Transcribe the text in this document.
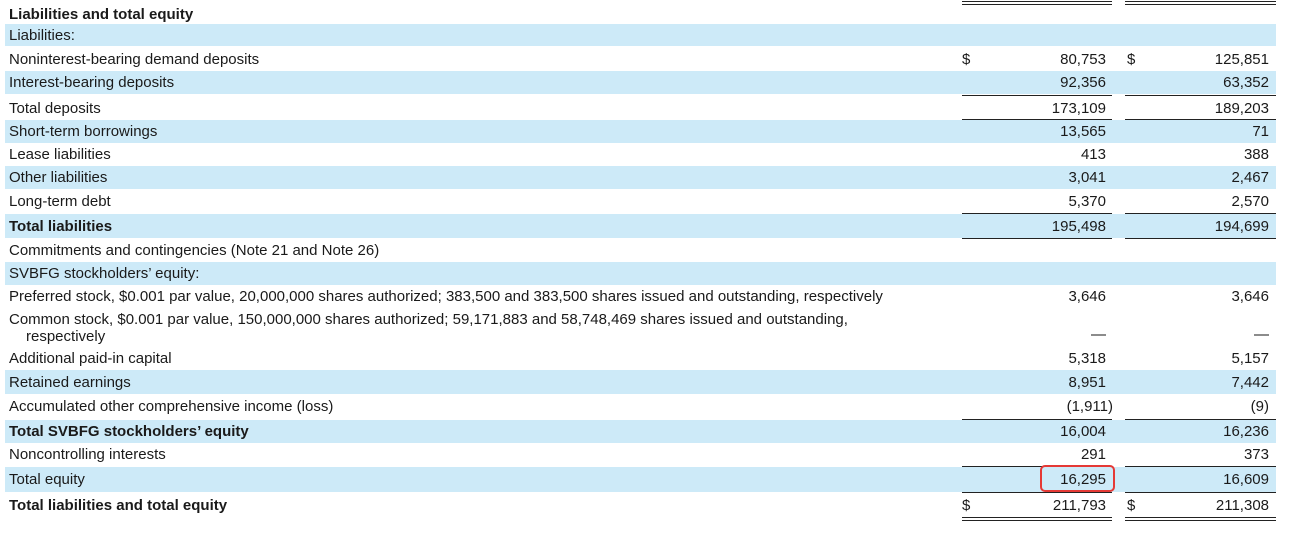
Liabilities and total equity
Liabilities:
Noninterest-bearing demand deposits	$	80,753 $	125,851
Interest-bearing deposits	92,356	63,352
Total deposits	173,109	189,203
Short-term borrowings	13,565	71
Lease liabilities	413	388
Other liabilities	3,041	2,467
Long-term debt	5,370	2,570
Total liabilities	195,498	194,699
Commitments and contingencies (Note 21 and Note 26)
SVBFG stockholders’ equity:
Preferred stock, $0.001 par value, 20,000,000 shares authorized; 383,500 and 383,500 shares issued and outstanding, respectively	3,646	3,646
Common stock, $0.001 par value, 150,000,000 shares authorized; 59,171,883 and 58,748,469 shares issued and outstanding,
respectively	—	—
Additional paid-in capital	5,318	5,157
Retained earnings	8,951	7,442
Accumulated other comprehensive income (loss)	(1,911)	(9)
Total SVBFG stockholders’ equity	16,004	16,236
Noncontrolling interests	291	373
Total equity	16,295	16,609
Total liabilities and total equity	$	211,793 $	211,308
